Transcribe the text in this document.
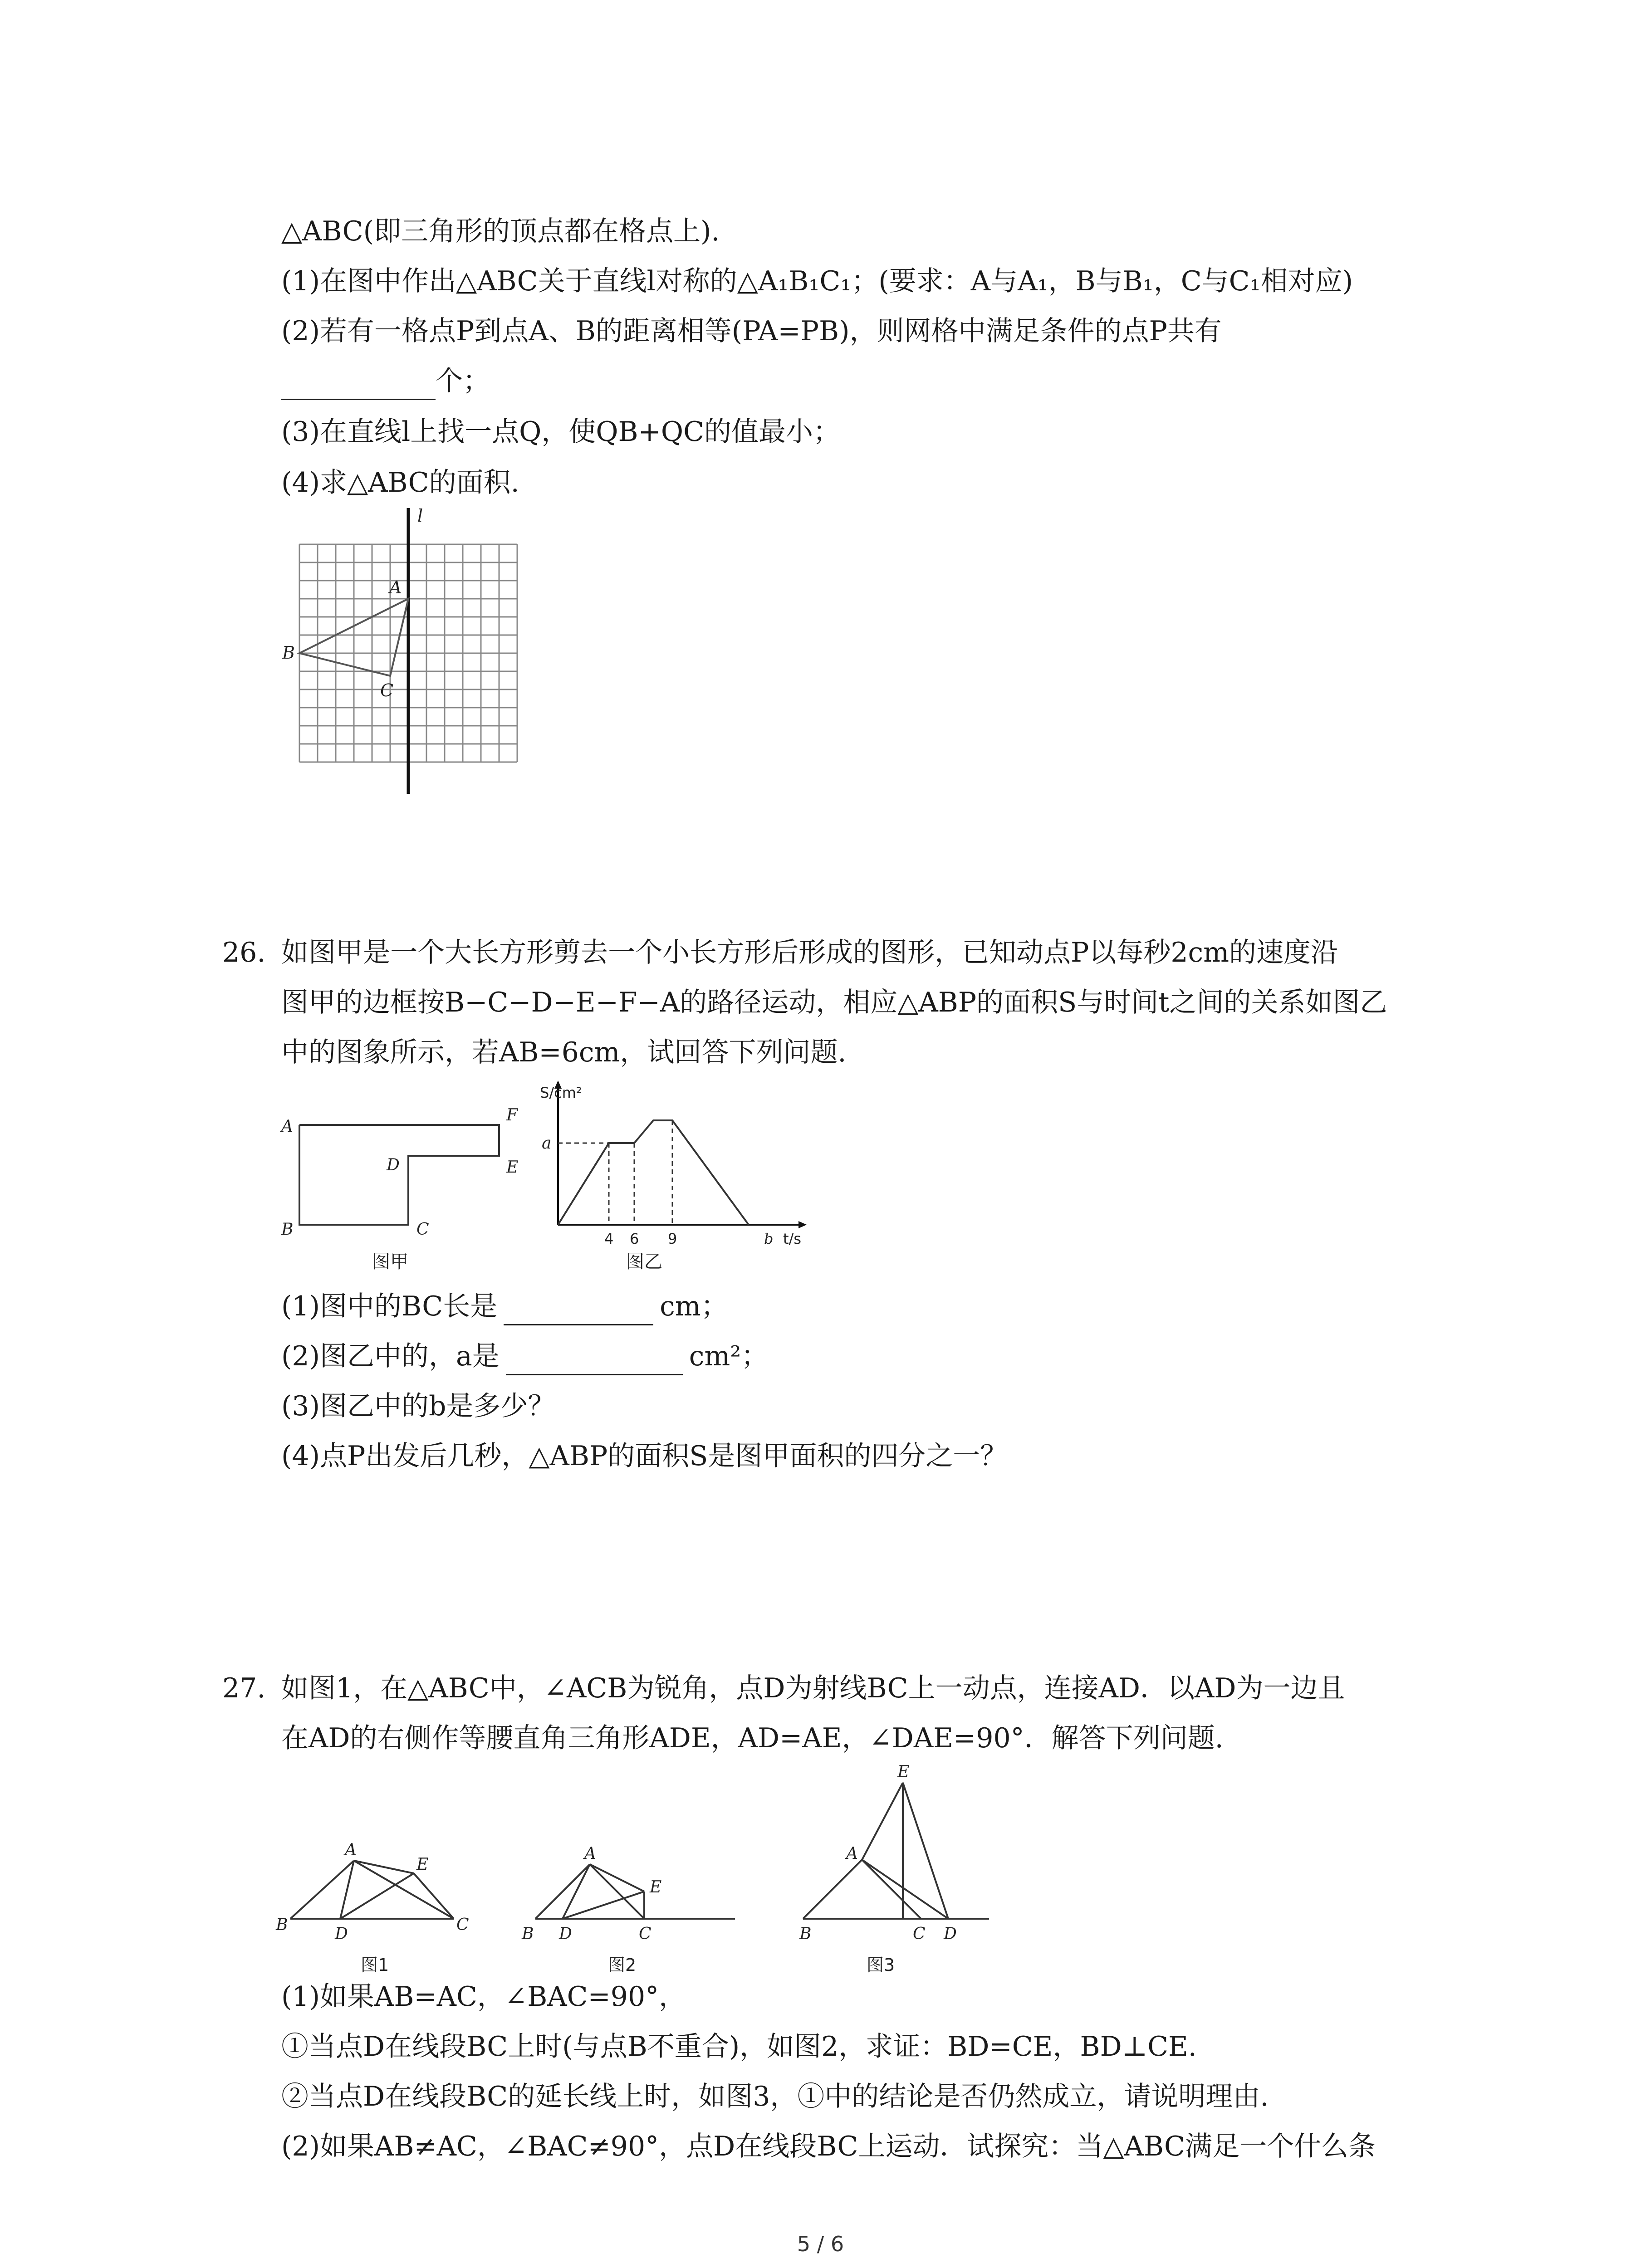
△ABC(即三角形的顶点都在格点上).
(1)在图中作出△ABC关于直线l对称的△A₁B₁C₁；(要求：A与A₁，B与B₁，C与C₁相对应)
(2)若有一格点P到点A、B的距离相等(PA=PB)，则网格中满足条件的点P共有
个；
(3)在直线l上找一点Q，使QB+QC的值最小；
(4)求△ABC的面积.
l
A
B
C
26. 如图甲是一个大长方形剪去一个小长方形后形成的图形，已知动点P以每秒2cm的速度沿
图甲的边框按B−C−D−E−F−A的路径运动，相应△ABP的面积S与时间t之间的关系如图乙
中的图象所示，若AB=6cm，试回答下列问题.
A
B	C
D	E
F
图甲
S/cm²
a
4 6 9	b t/s
图乙
(1)图中的BC长是	cm；
(2)图乙中的，a是	cm²；
(3)图乙中的b是多少？
(4)点P出发后几秒，△ABP的面积S是图甲面积的四分之一？
27. 如图1，在△ABC中，∠ACB为锐角，点D为射线BC上一动点，连接AD．以AD为一边且
在AD的右侧作等腰直角三角形ADE，AD=AE，∠DAE=90°．解答下列问题.
A
B	D	C
E
图1
A
B D	C
E
图2
A
B	C D
E
图3
(1)如果AB=AC，∠BAC=90°，
①当点D在线段BC上时(与点B不重合)，如图2，求证：BD=CE，BD⊥CE.
②当点D在线段BC的延长线上时，如图3，①中的结论是否仍然成立，请说明理由.
(2)如果AB≠AC，∠BAC≠90°，点D在线段BC上运动．试探究：当△ABC满足一个什么条
5 / 6
